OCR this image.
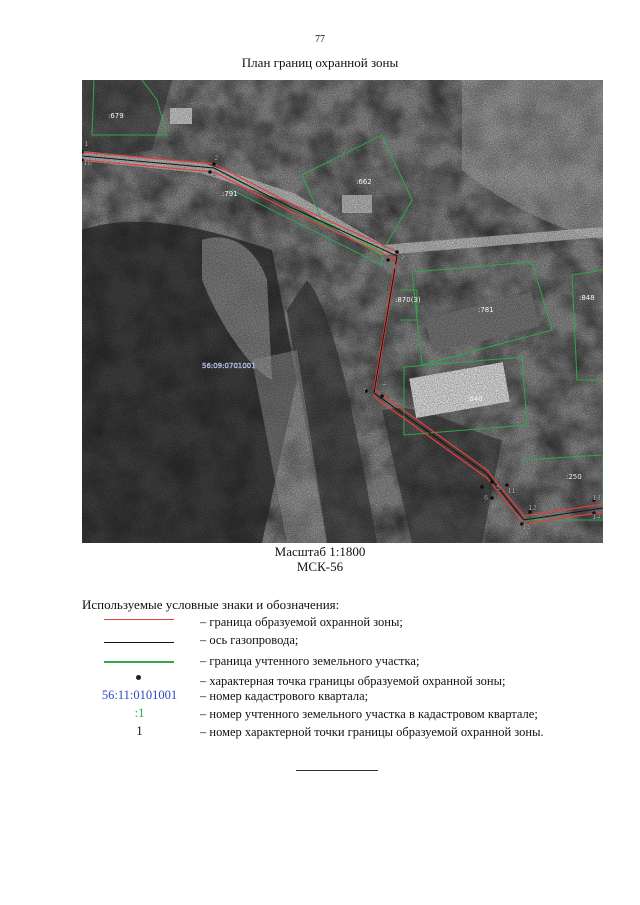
77
План границ охранной зоны
:679
:662
:791
:870(3)
:781
:848
:640
:250
56:09:0701001
1
2
3
4
5
6
7
8
9
10
11
12
13
14
15
16
Масштаб 1:1800
МСК-56
Используемые условные знаки и обозначения:
– граница образуемой охранной зоны;
– ось газопровода;
– граница учтенного земельного участка;
– характерная точка границы образуемой охранной зоны;
56:11:0101001	– номер кадастрового квартала;
:1	– номер учтенного земельного участка в кадастровом квартале;
1	– номер характерной точки границы образуемой охранной зоны.
